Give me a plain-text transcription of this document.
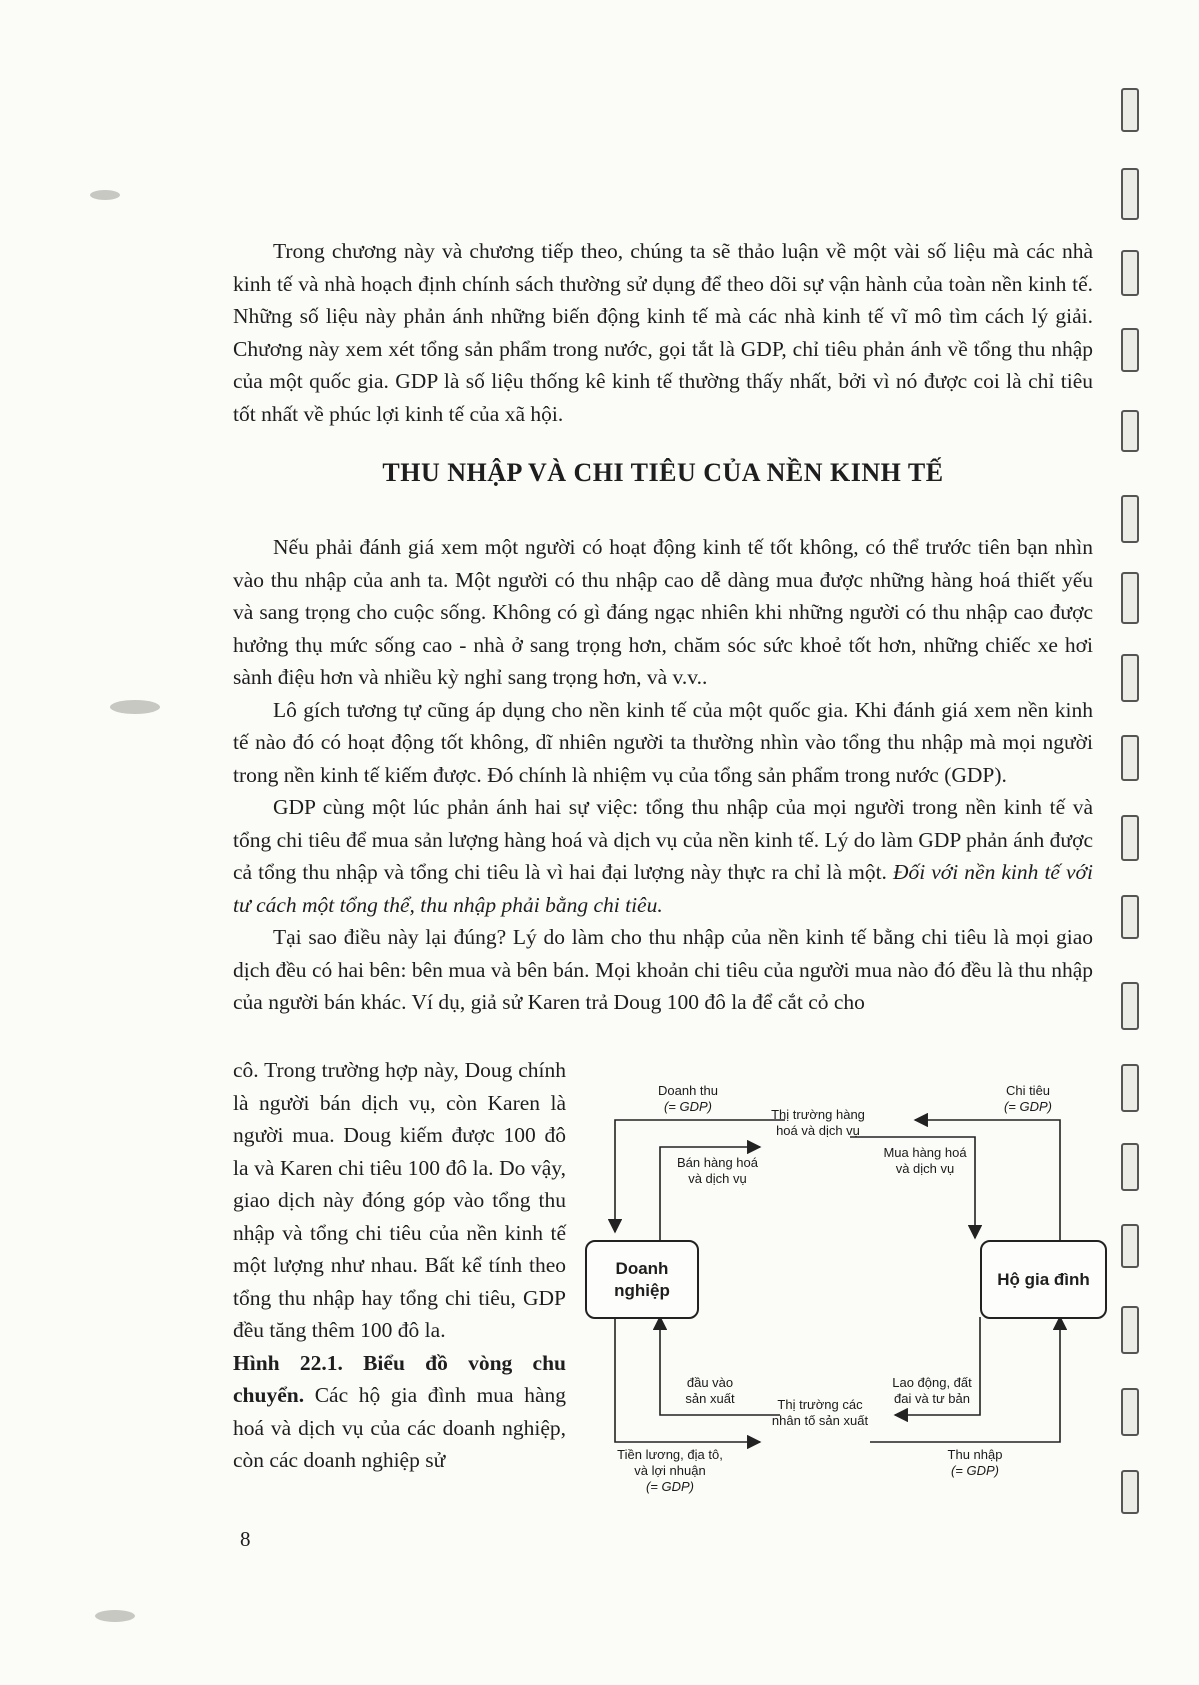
Trong chương này và chương tiếp theo, chúng ta sẽ thảo luận về một vài số liệu mà các nhà kinh tế và nhà hoạch định chính sách thường sử dụng để theo dõi sự vận hành của toàn nền kinh tế. Những số liệu này phản ánh những biến động kinh tế mà các nhà kinh tế vĩ mô tìm cách lý giải. Chương này xem xét tổng sản phẩm trong nước, gọi tắt là GDP, chỉ tiêu phản ánh về tổng thu nhập của một quốc gia. GDP là số liệu thống kê kinh tế thường thấy nhất, bởi vì nó được coi là chỉ tiêu tốt nhất về phúc lợi kinh tế của xã hội.

THU NHẬP VÀ CHI TIÊU CỦA NỀN KINH TẾ

Nếu phải đánh giá xem một người có hoạt động kinh tế tốt không, có thể trước tiên bạn nhìn vào thu nhập của anh ta. Một người có thu nhập cao dễ dàng mua được những hàng hoá thiết yếu và sang trọng cho cuộc sống. Không có gì đáng ngạc nhiên khi những người có thu nhập cao được hưởng thụ mức sống cao - nhà ở sang trọng hơn, chăm sóc sức khoẻ tốt hơn, những chiếc xe hơi sành điệu hơn và nhiều kỳ nghỉ sang trọng hơn, và v.v..

Lô gích tương tự cũng áp dụng cho nền kinh tế của một quốc gia. Khi đánh giá xem nền kinh tế nào đó có hoạt động tốt không, dĩ nhiên người ta thường nhìn vào tổng thu nhập mà mọi người trong nền kinh tế kiếm được. Đó chính là nhiệm vụ của tổng sản phẩm trong nước (GDP).

GDP cùng một lúc phản ánh hai sự việc: tổng thu nhập của mọi người trong nền kinh tế và tổng chi tiêu để mua sản lượng hàng hoá và dịch vụ của nền kinh tế. Lý do làm GDP phản ánh được cả tổng thu nhập và tổng chi tiêu là vì hai đại lượng này thực ra chỉ là một. Đối với nền kinh tế với tư cách một tổng thể, thu nhập phải bằng chi tiêu.

Tại sao điều này lại đúng? Lý do làm cho thu nhập của nền kinh tế bằng chi tiêu là mọi giao dịch đều có hai bên: bên mua và bên bán. Mọi khoản chi tiêu của người mua nào đó đều là thu nhập của người bán khác. Ví dụ, giả sử Karen trả Doug 100 đô la để cắt cỏ cho

cô. Trong trường hợp này, Doug chính là người bán dịch vụ, còn Karen là người mua. Doug kiếm được 100 đô la và Karen chi tiêu 100 đô la. Do vậy, giao dịch này đóng góp vào tổng thu nhập và tổng chi tiêu của nền kinh tế một lượng như nhau. Bất kể tính theo tổng thu nhập hay tổng chi tiêu, GDP đều tăng thêm 100 đô la.

Hình 22.1. Biểu đồ vòng chu chuyển. Các hộ gia đình mua hàng hoá và dịch vụ của các doanh nghiệp, còn các doanh nghiệp sử

Doanh nghiệp
Hộ gia đình
Doanh thu
(= GDP)
Chi tiêu
(= GDP)
Thị trường hàng
hoá và dịch vụ
Bán hàng hoá
và dịch vụ
Mua hàng hoá
và dịch vụ
đầu vào
sản xuất	Thị trường các
nhân tố sản xuất
Lao động, đất
đai và tư bản
Tiền lương, địa tô,
và lợi nhuận
(= GDP)
Thu nhập
(= GDP)
8
